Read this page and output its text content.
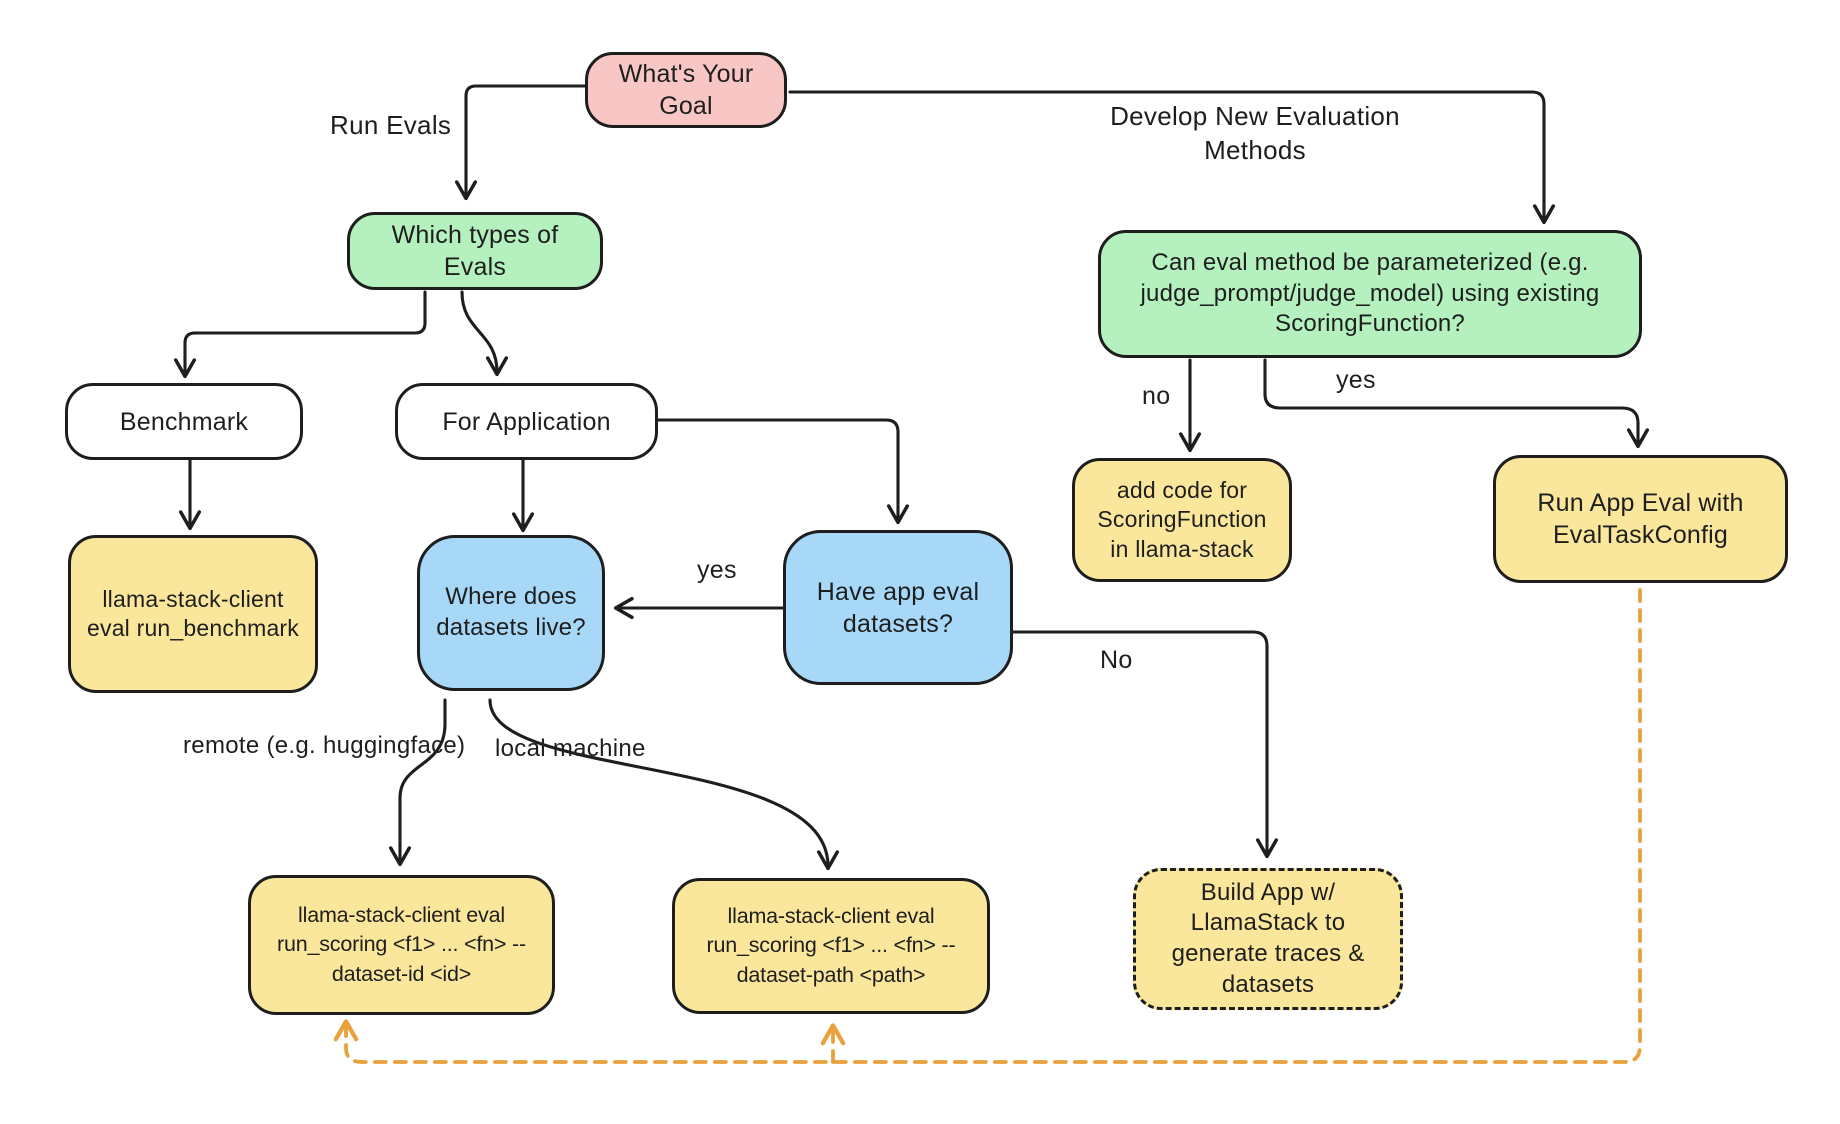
What's Your Goal
Which types of Evals	Can eval method be parameterized (e.g. judge_prompt/judge_model) using existing ScoringFunction?
Benchmark	For Application
llama-stack-client eval run_benchmark
Where does datasets live?
Have app eval datasets?
add code for ScoringFunction in llama-stack
Run App Eval with EvalTaskConfig
llama-stack-client eval run_scoring <f1> ... <fn> --dataset-id <id>
llama-stack-client eval run_scoring <f1> ... <fn> --dataset-path <path>
Build App w/ LlamaStack to generate traces & datasets
Run Evals	Develop New Evaluation Methods
yes
no
yes
remote (e.g. huggingface) local machine
No
